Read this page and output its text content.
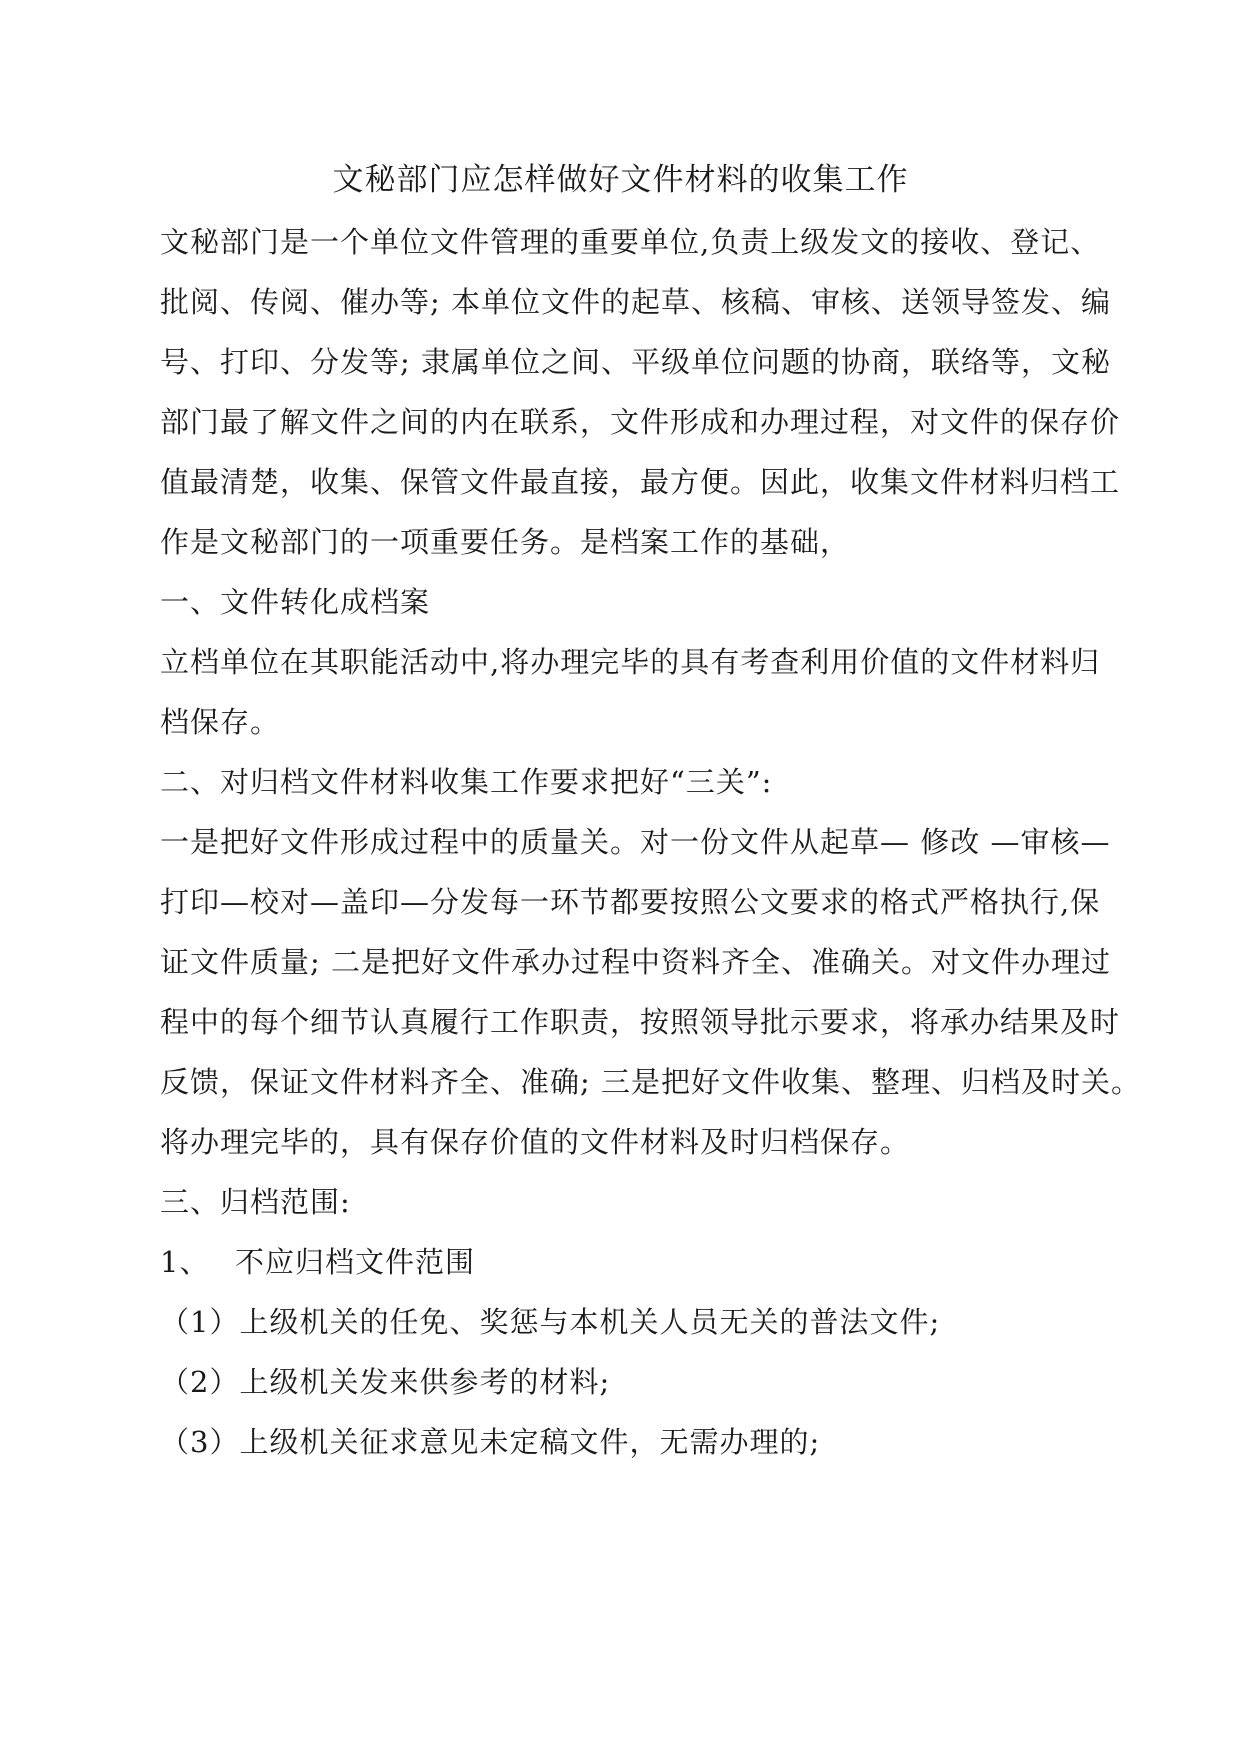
文秘部门应怎样做好文件材料的收集工作
文秘部门是一个单位文件管理的重要单位,负责上级发文的接收、登记、
批阅、传阅、催办等; 本单位文件的起草、核稿、审核、送领导签发、编
号、打印、分发等; 隶属单位之间、平级单位问题的协商，联络等，文秘
部门最了解文件之间的内在联系，文件形成和办理过程，对文件的保存价
值最清楚，收集、保管文件最直接，最方便。因此，收集文件材料归档工
作是文秘部门的一项重要任务。是档案工作的基础，
一、文件转化成档案
立档单位在其职能活动中,将办理完毕的具有考查利用价值的文件材料归
档保存。
二、对归档文件材料收集工作要求把好“三关”:
一是把好文件形成过程中的质量关。对一份文件从起草— 修改 —审核—
打印—校对—盖印—分发每一环节都要按照公文要求的格式严格执行,保
证文件质量; 二是把好文件承办过程中资料齐全、准确关。对文件办理过
程中的每个细节认真履行工作职责，按照领导批示要求，将承办结果及时
反馈，保证文件材料齐全、准确; 三是把好文件收集、整理、归档及时关。
将办理完毕的，具有保存价值的文件材料及时归档保存。
三、归档范围:
1、 不应归档文件范围
（1）上级机关的任免、奖惩与本机关人员无关的普法文件;
（2）上级机关发来供参考的材料;
（3）上级机关征求意见未定稿文件，无需办理的;
